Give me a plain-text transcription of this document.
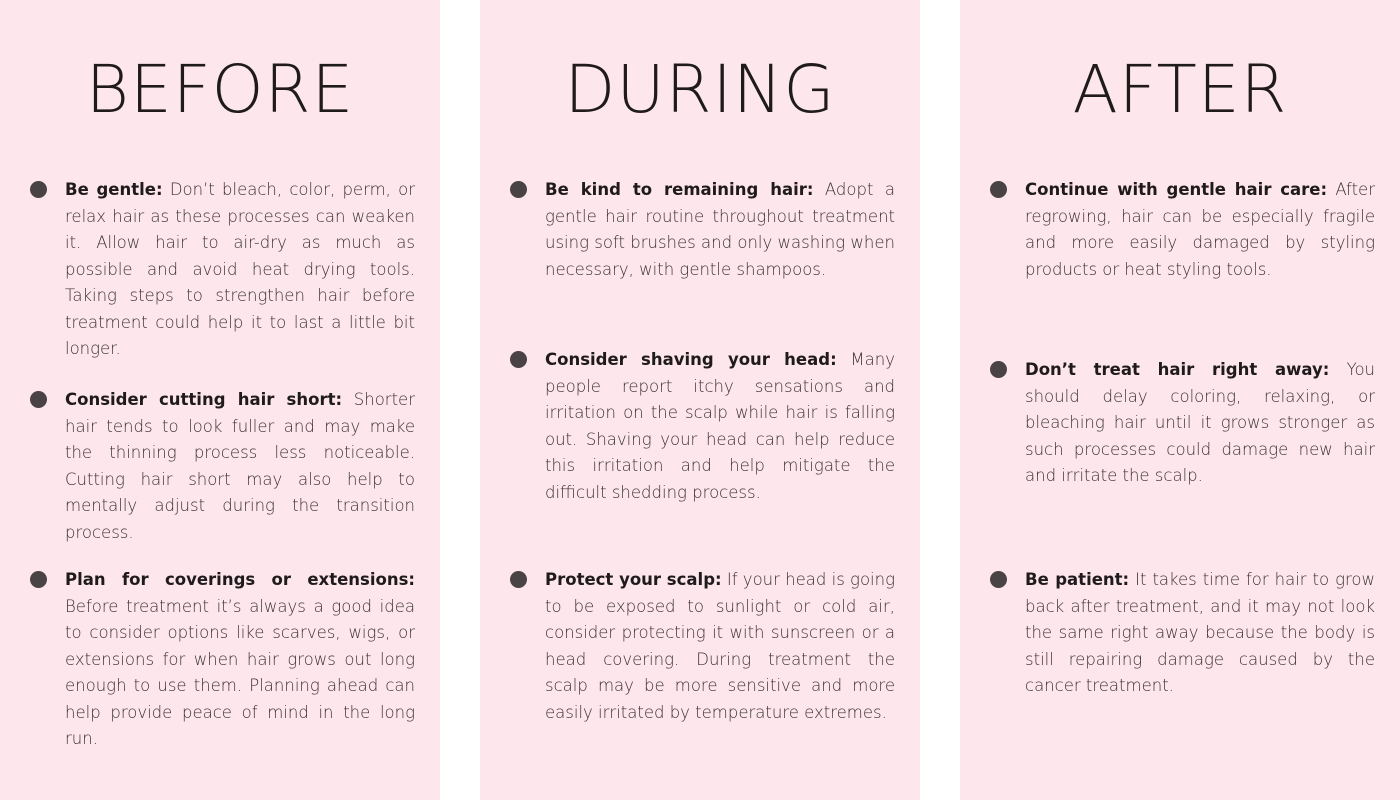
BEFORE

Be gentle: Don’t bleach, color, perm, or relax hair as these processes can weaken it. Allow hair to air-dry as much as possible and avoid heat drying tools. Taking steps to strengthen hair before treatment could help it to last a little bit longer.

Consider cutting hair short: Shorter hair tends to look fuller and may make the thinning process less noticeable. Cutting hair short may also help to mentally adjust during the transition process.

Plan for coverings or extensions: Before treatment it’s always a good idea to consider options like scarves, wigs, or extensions for when hair grows out long enough to use them. Planning ahead can help provide peace of mind in the long run.

DURING

Be kind to remaining hair: Adopt a gentle hair routine throughout treatment using soft brushes and only washing when necessary, with gentle shampoos.

Consider shaving your head: Many people report itchy sensations and irritation on the scalp while hair is falling out. Shaving your head can help reduce this irritation and help mitigate the difficult shedding process.

Protect your scalp: If your head is going to be exposed to sunlight or cold air, consider protecting it with sunscreen or a head covering. During treatment the scalp may be more sensitive and more easily irritated by temperature extremes.

AFTER

Continue with gentle hair care: After regrowing, hair can be especially fragile and more easily damaged by styling products or heat styling tools.

Don’t treat hair right away: You should delay coloring, relaxing, or bleaching hair until it grows stronger as such processes could damage new hair and irritate the scalp.

Be patient: It takes time for hair to grow back after treatment, and it may not look the same right away because the body is still repairing damage caused by the cancer treatment.
